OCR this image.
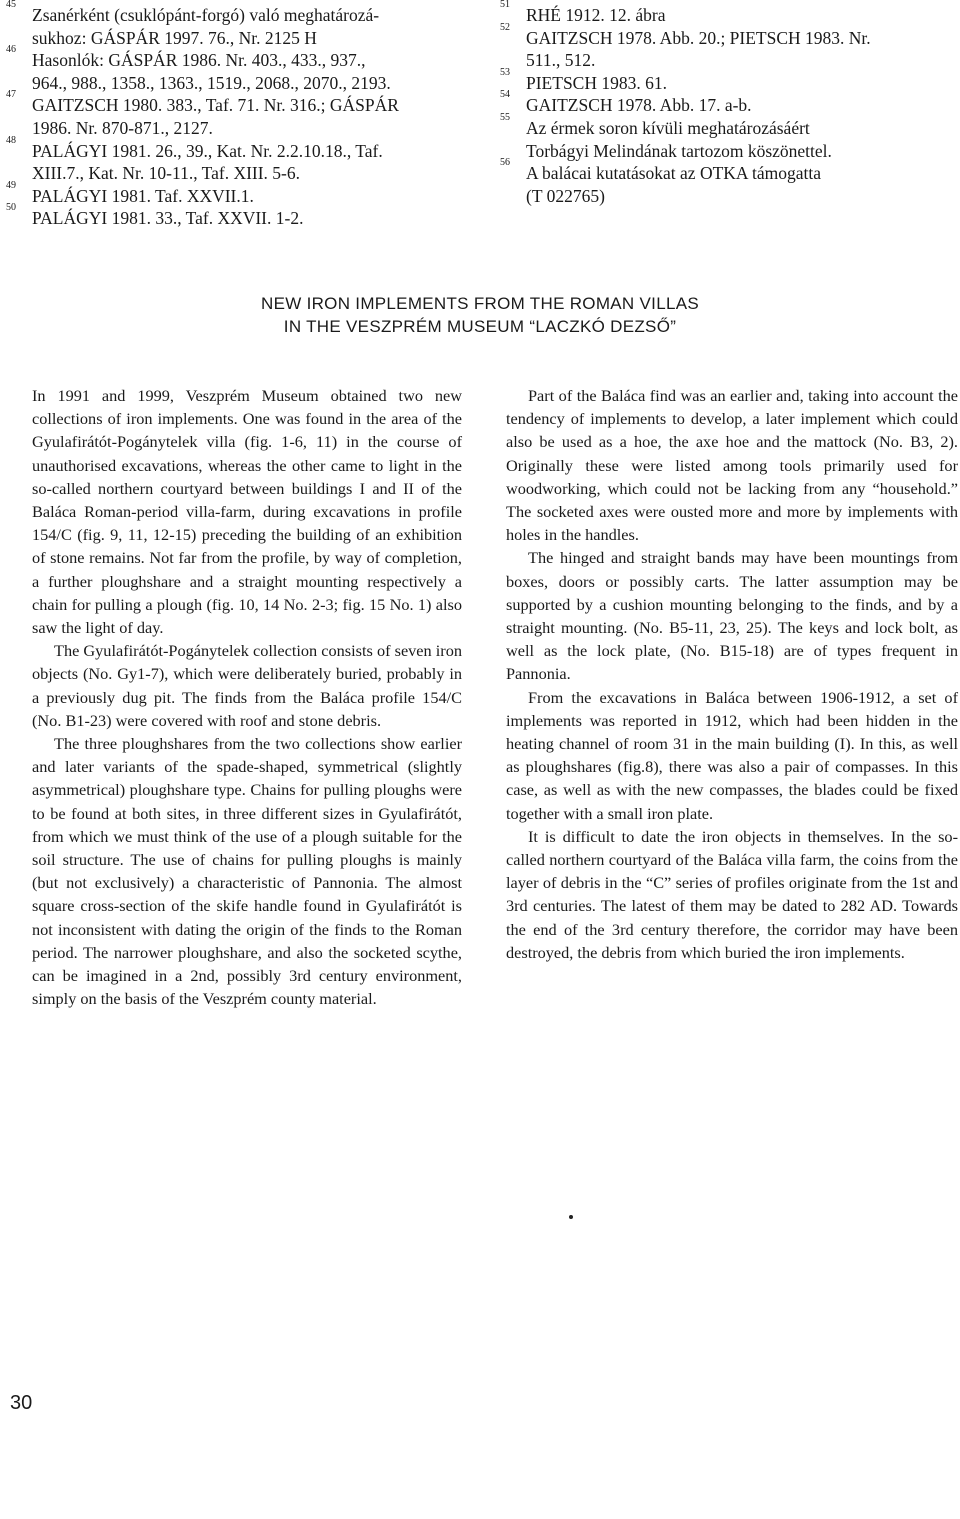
45
Zsanérként (csuklópánt-forgó) való meghatározá-
sukhoz: GÁSPÁR 1997. 76., Nr. 2125 H
46
Hasonlók: GÁSPÁR 1986. Nr. 403., 433., 937.,
964., 988., 1358., 1363., 1519., 2068., 2070., 2193.
47
GAITZSCH 1980. 383., Taf. 71. Nr. 316.; GÁSPÁR
1986. Nr. 870-871., 2127.
48
PALÁGYI 1981. 26., 39., Kat. Nr. 2.2.10.18., Taf.
XIII.7., Kat. Nr. 10-11., Taf. XIII. 5-6.
49
PALÁGYI 1981. Taf. XXVII.1.
50
PALÁGYI 1981. 33., Taf. XXVII. 1-2.
51
RHÉ 1912. 12. ábra
52
GAITZSCH 1978. Abb. 20.; PIETSCH 1983. Nr.
511., 512.
53
PIETSCH 1983. 61.
54
GAITZSCH 1978. Abb. 17. a-b.
55
Az érmek soron kívüli meghatározásáért
Torbágyi Melindának tartozom köszönettel.
56
A balácai kutatásokat az OTKA támogatta
(T 022765)
NEW IRON IMPLEMENTS FROM THE ROMAN VILLAS
IN THE VESZPRÉM MUSEUM “LACZKÓ DEZSŐ”

In 1991 and 1999, Veszprém Museum obtained two new collections of iron implements. One was found in the area of the Gyulafirátót-Pogánytelek villa (fig. 1-6, 11) in the course of unauthorised excavations, whereas the other came to light in the so-called northern courtyard between buildings I and II of the Baláca Roman-period villa-farm, during excavations in profile 154/C (fig. 9, 11, 12-15) preceding the building of an exhibition of stone remains. Not far from the profile, by way of completion, a further ploughshare and a straight mounting respectively a chain for pulling a plough (fig. 10, 14 No. 2-3; fig. 15 No. 1) also saw the light of day.

The Gyulafirátót-Pogánytelek collection consists of seven iron objects (No. Gy1-7), which were deliberately buried, probably in a previously dug pit. The finds from the Baláca profile 154/C (No. B1-23) were covered with roof and stone debris.

The three ploughshares from the two collections show earlier and later variants of the spade-shaped, symmetrical (slightly asymmetrical) ploughshare type. Chains for pulling ploughs were to be found at both sites, in three different sizes in Gyulafirátót, from which we must think of the use of a plough suitable for the soil structure. The use of chains for pulling ploughs is mainly (but not exclusively) a characteristic of Pannonia. The almost square cross-section of the skife handle found in Gyulafirátót is not inconsistent with dating the origin of the finds to the Roman period. The narrower ploughshare, and also the socketed scythe, can be imagined in a 2nd, possibly 3rd century environment, simply on the basis of the Veszprém county material.

Part of the Baláca find was an earlier and, taking into account the tendency of implements to develop, a later implement which could also be used as a hoe, the axe hoe and the mattock (No. B3, 2). Originally these were listed among tools primarily used for woodworking, which could not be lacking from any “household.” The socketed axes were ousted more and more by implements with holes in the handles.

The hinged and straight bands may have been mountings from boxes, doors or possibly carts. The latter assumption may be supported by a cushion mounting belonging to the finds, and by a straight mounting. (No. B5-11, 23, 25). The keys and lock bolt, as well as the lock plate, (No. B15-18) are of types frequent in Pannonia.

From the excavations in Baláca between 1906-1912, a set of implements was reported in 1912, which had been hidden in the heating channel of room 31 in the main building (I). In this, as well as ploughshares (fig.8), there was also a pair of compasses. In this case, as well as with the new compasses, the blades could be fixed together with a small iron plate.

It is difficult to date the iron objects in themselves. In the so-called northern courtyard of the Baláca villa farm, the coins from the layer of debris in the “C” series of profiles originate from the 1st and 3rd centuries. The latest of them may be dated to 282 AD. Towards the end of the 3rd century therefore, the corridor may have been destroyed, the debris from which buried the iron implements.

30
